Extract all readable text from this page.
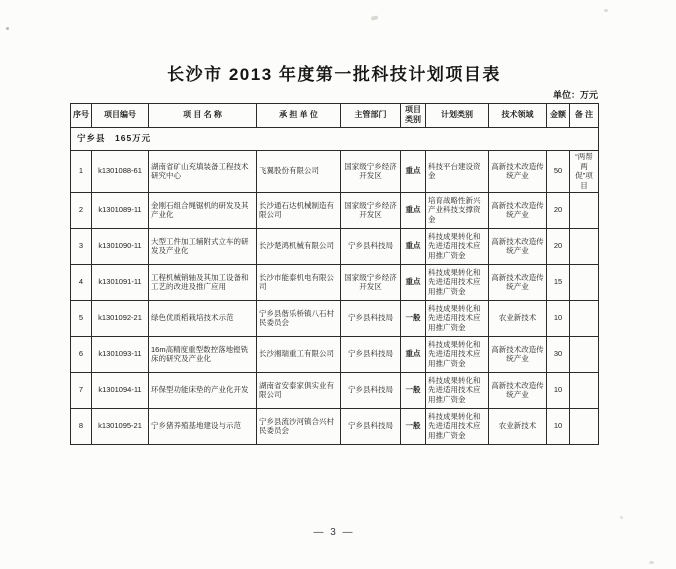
长沙市 2013 年度第一批科技计划项目表
单位：万元
序号	项目编号	项 目 名 称	承 担 单 位	主管部门	项目类别	计划类别	技术领域	金额	备 注
宁乡县　165万元									
1	k1301088-61	湖南省矿山充填装备工程技术研究中心	飞翼股份有限公司	国家级宁乡经济开发区	重点	科技平台建设资金	高新技术改造传统产业	50	“两帮两促”项目
2	k1301089-11	金刚石组合绳锯机的研发及其产业化	长沙通石达机械制造有限公司	国家级宁乡经济开发区	重点	培育战略性新兴产业科技支撑资金	高新技术改造传统产业	20	
3	k1301090-11	大型工件加工辅附式立车的研发及产业化	长沙楚鸿机械有限公司	宁乡县科技局	重点	科技成果转化和先进适用技术应用推广资金	高新技术改造传统产业	20	
4	k1301091-11	工程机械销轴及其加工设备和工艺的改进及推广应用	长沙市能泰机电有限公司	国家级宁乡经济开发区	重点	科技成果转化和先进适用技术应用推广资金	高新技术改造传统产业	15	
5	k1301092-21	绿色优质稻栽培技术示范	宁乡县偕乐桥镇八石村民委员会	宁乡县科技局	一般	科技成果转化和先进适用技术应用推广资金	农业新技术	10	
6	k1301093-11	16m高精度重型数控落地镗铣床的研究及产业化	长沙湘瑞重工有限公司	宁乡县科技局	重点	科技成果转化和先进适用技术应用推广资金	高新技术改造传统产业	30	
7	k1301094-11	环保型功能床垫的产业化开发	湖南省安泰家俱实业有限公司	宁乡县科技局	一般	科技成果转化和先进适用技术应用推广资金	高新技术改造传统产业	10	
8	k1301095-21	宁乡猪养殖基地建设与示范	宁乡县流沙河镇合兴村民委员会	宁乡县科技局	一般	科技成果转化和先进适用技术应用推广资金	农业新技术	10	
— 3 —
